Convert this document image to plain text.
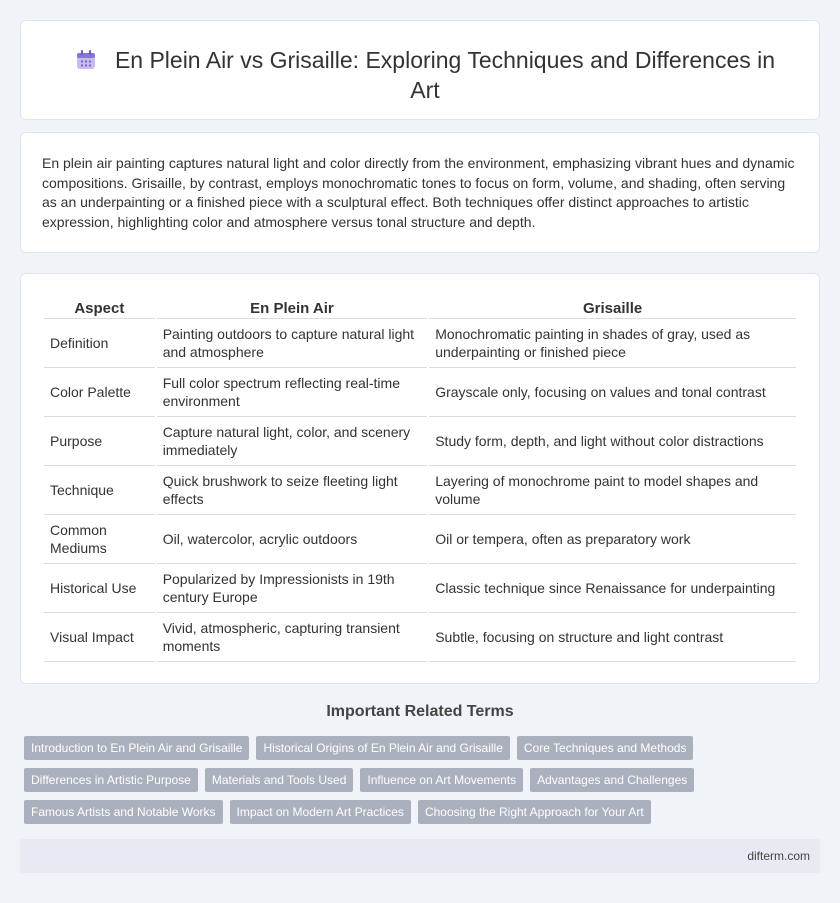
En Plein Air vs Grisaille: Exploring Techniques and Differences in Art

En plein air painting captures natural light and color directly from the environment, emphasizing vibrant hues and dynamic compositions. Grisaille, by contrast, employs monochromatic tones to focus on form, volume, and shading, often serving as an underpainting or a finished piece with a sculptural effect. Both techniques offer distinct approaches to artistic expression, highlighting color and atmosphere versus tonal structure and depth.

Aspect	En Plein Air	Grisaille
Definition	Painting outdoors to capture natural light and atmosphere	Monochromatic painting in shades of gray, used as underpainting or finished piece
Color Palette	Full color spectrum reflecting real-time environment	Grayscale only, focusing on values and tonal contrast
Purpose	Capture natural light, color, and scenery immediately	Study form, depth, and light without color distractions
Technique	Quick brushwork to seize fleeting light effects	Layering of monochrome paint to model shapes and volume
Common Mediums	Oil, watercolor, acrylic outdoors	Oil or tempera, often as preparatory work
Historical Use	Popularized by Impressionists in 19th century Europe	Classic technique since Renaissance for underpainting
Visual Impact	Vivid, atmospheric, capturing transient moments	Subtle, focusing on structure and light contrast
Important Related Terms
Introduction to En Plein Air and Grisaille	Historical Origins of En Plein Air and Grisaille	Core Techniques and Methods
Differences in Artistic Purpose	Materials and Tools Used	Influence on Art Movements	Advantages and Challenges
Famous Artists and Notable Works	Impact on Modern Art Practices	Choosing the Right Approach for Your Art
difterm.com
